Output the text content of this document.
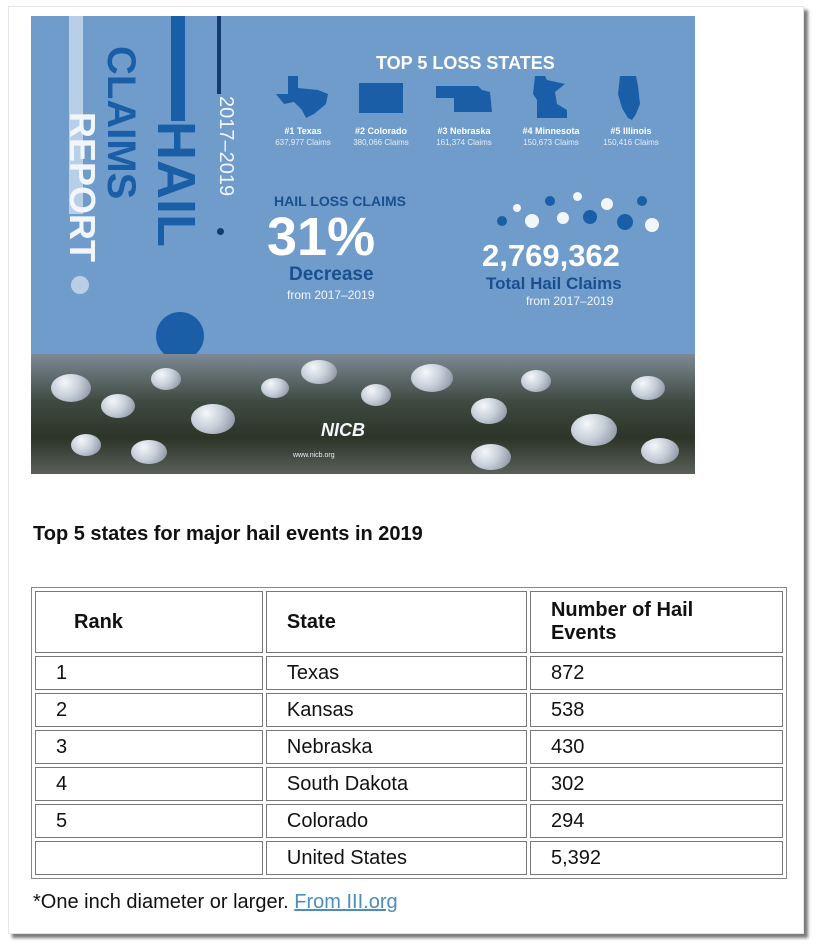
CLAIMS
REPORT HAIL 2017–2019
TOP 5 LOSS STATES
#1 Texas
637,977 Claims
#2 Colorado
380,066 Claims
#3 Nebraska
161,374 Claims
#4 Minnesota
150,673 Claims
#5 Illinois
150,416 Claims
HAIL LOSS CLAIMS
31%
Decrease
from 2017–2019
2,769,362
Total Hail Claims
from 2017–2019
NICB
www.nicb.org
Top 5 states for major hail events in 2019
Rank	State	Number of Hail Events
1	Texas	872
2	Kansas	538
3	Nebraska	430
4	South Dakota	302
5	Colorado	294
	United States	5,392
*One inch diameter or larger. From III.org
